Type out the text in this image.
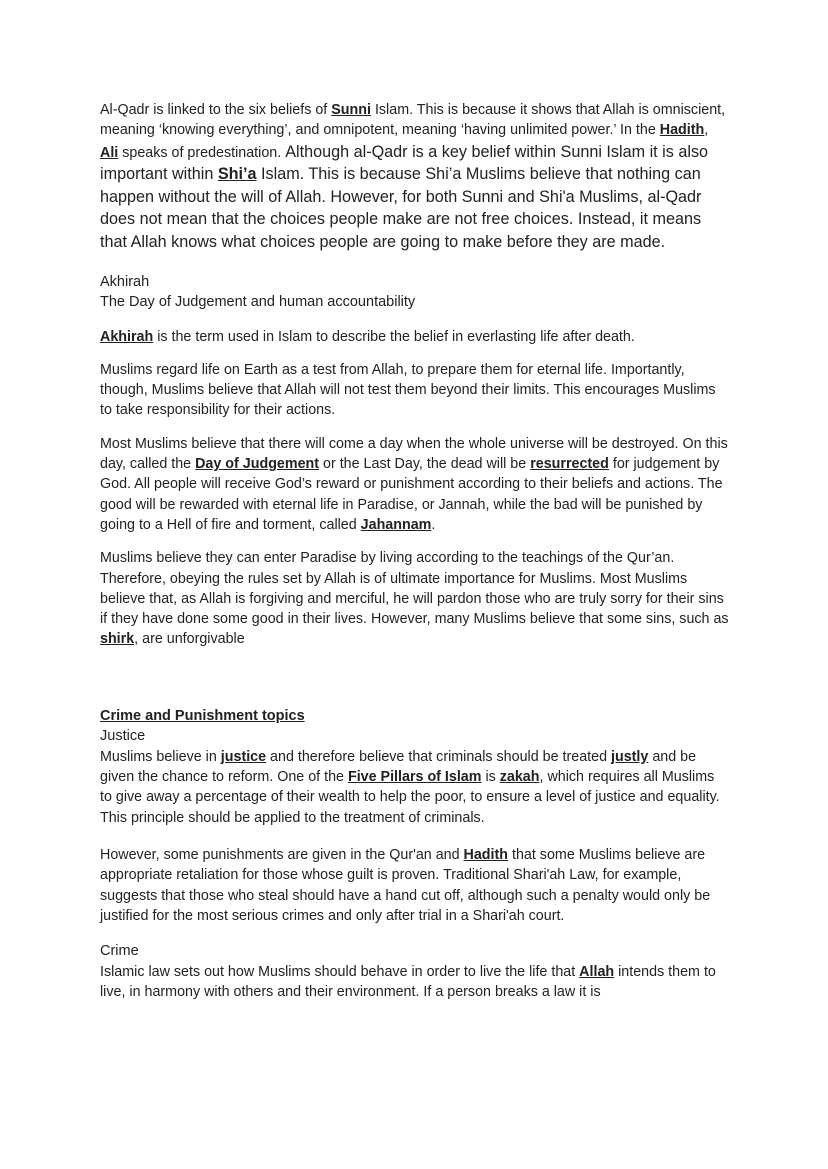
Al-Qadr is linked to the six beliefs of Sunni Islam. This is because it shows that Allah is omniscient, meaning ‘knowing everything’, and omnipotent, meaning ‘having unlimited power.’ In the Hadith, Ali speaks of predestination. Although al-Qadr is a key belief within Sunni Islam it is also important within Shi’a Islam. This is because Shi’a Muslims believe that nothing can happen without the will of Allah. However, for both Sunni and Shi'a Muslims, al-Qadr does not mean that the choices people make are not free choices. Instead, it means that Allah knows what choices people are going to make before they are made.

Akhirah

The Day of Judgement and human accountability

Akhirah is the term used in Islam to describe the belief in everlasting life after death.

Muslims regard life on Earth as a test from Allah, to prepare them for eternal life. Importantly, though, Muslims believe that Allah will not test them beyond their limits. This encourages Muslims to take responsibility for their actions.

Most Muslims believe that there will come a day when the whole universe will be destroyed. On this day, called the Day of Judgement or the Last Day, the dead will be resurrected for judgement by God. All people will receive God’s reward or punishment according to their beliefs and actions. The good will be rewarded with eternal life in Paradise, or Jannah, while the bad will be punished by going to a Hell of fire and torment, called Jahannam.

Muslims believe they can enter Paradise by living according to the teachings of the Qur’an. Therefore, obeying the rules set by Allah is of ultimate importance for Muslims. Most Muslims believe that, as Allah is forgiving and merciful, he will pardon those who are truly sorry for their sins if they have done some good in their lives. However, many Muslims believe that some sins, such as shirk, are unforgivable

Crime and Punishment topics

Justice

Muslims believe in justice and therefore believe that criminals should be treated justly and be given the chance to reform. One of the Five Pillars of Islam is zakah, which requires all Muslims to give away a percentage of their wealth to help the poor, to ensure a level of justice and equality. This principle should be applied to the treatment of criminals.

However, some punishments are given in the Qur'an and Hadith that some Muslims believe are appropriate retaliation for those whose guilt is proven. Traditional Shari'ah Law, for example, suggests that those who steal should have a hand cut off, although such a penalty would only be justified for the most serious crimes and only after trial in a Shari'ah court.

Crime

Islamic law sets out how Muslims should behave in order to live the life that Allah intends them to live, in harmony with others and their environment. If a person breaks a law it is
